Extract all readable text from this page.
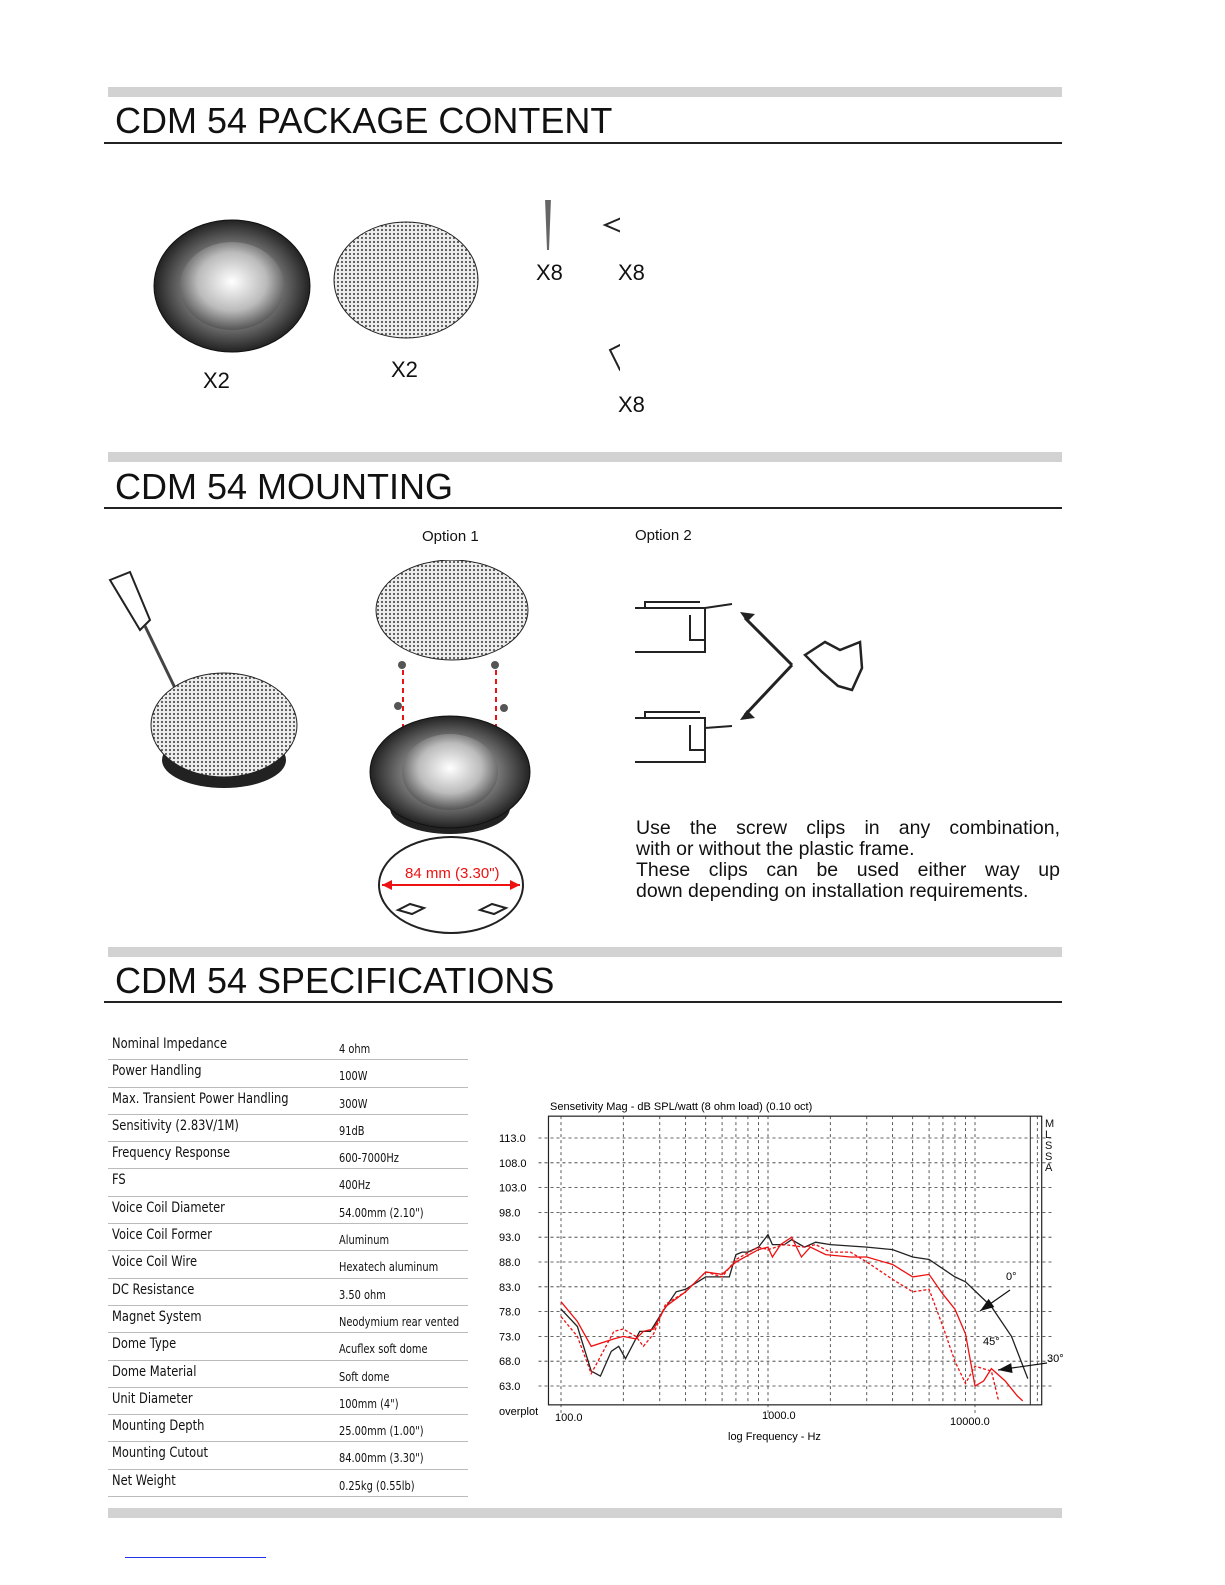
CDM 54 PACKAGE CONTENT
X2	X2
X8	X8
X8
CDM 54 MOUNTING
Option 1	Option 2
84 mm (3.30")
Use the screw clips in any combination,
with or without the plastic frame.
These clips can be used either way up
down depending on installation requirements.
CDM 54 SPECIFICATIONS
Nominal Impedance	4 ohm
Power Handling	100W
Max. Transient Power Handling	300W
Sensitivity (2.83V/1M)	91dB
Frequency Response	600-7000Hz
FS	400Hz
Voice Coil Diameter	54.00mm (2.10")
Voice Coil Former	Aluminum
Voice Coil Wire	Hexatech aluminum
DC Resistance	3.50 ohm
Magnet System	Neodymium rear vented
Dome Type	Acuflex soft dome
Dome Material	Soft dome
Unit Diameter	100mm (4")
Mounting Depth	25.00mm (1.00")
Mounting Cutout	84.00mm (3.30")
Net Weight	0.25kg (0.55lb)
113.0
108.0
103.0
98.0
93.0
88.0
83.0
78.0
73.0
68.0
63.0
100.0	1000.0	10000.0
Sensetivity Mag - dB SPL/watt (8 ohm load) (0.10 oct)
log Frequency - Hz
overplot
0°
45°
30°
MLSSA
